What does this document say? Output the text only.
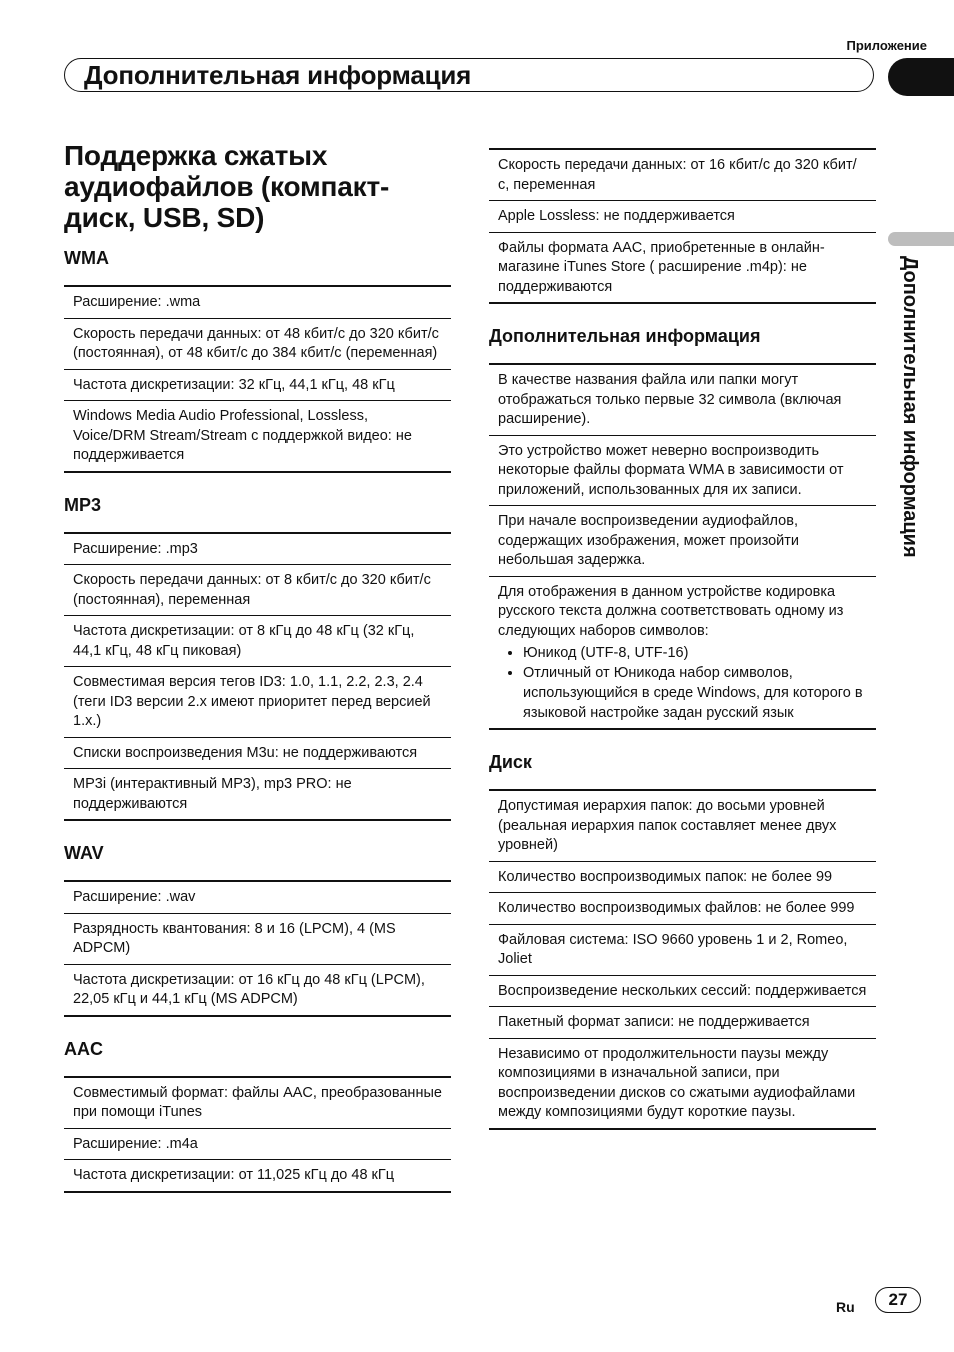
Приложение
Дополнительная информация
Дополнительная информация
Поддержка сжатых аудиофайлов (компакт-диск, USB, SD)
WMA
Расширение: .wma
Скорость передачи данных: от 48 кбит/с до 320 кбит/с (постоянная), от 48 кбит/с до 384 кбит/с (переменная)
Частота дискретизации: 32 кГц, 44,1 кГц, 48 кГц
Windows Media Audio Professional, Lossless, Voice/DRM Stream/Stream с поддержкой видео: не поддерживается
MP3
Расширение: .mp3
Скорость передачи данных: от 8 кбит/с до 320 кбит/с (постоянная), переменная
Частота дискретизации: от 8 кГц до 48 кГц (32 кГц, 44,1 кГц, 48 кГц пиковая)
Совместимая версия тегов ID3: 1.0, 1.1, 2.2, 2.3, 2.4 (теги ID3 версии 2.x имеют приоритет перед версией 1.x.)
Списки воспроизведения M3u: не поддерживаются
MP3i (интерактивный MP3), mp3 PRO: не поддерживаются
WAV
Расширение: .wav
Разрядность квантования: 8 и 16 (LPCM), 4 (MS ADPCM)
Частота дискретизации: от 16 кГц до 48 кГц (LPCM), 22,05 кГц и 44,1 кГц (MS ADPCM)
AAC
Совместимый формат: файлы AAC, преобразованные при помощи iTunes
Расширение: .m4a
Частота дискретизации: от 11,025 кГц до 48 кГц
Скорость передачи данных: от 16 кбит/с до 320 кбит/с, переменная
Apple Lossless: не поддерживается
Файлы формата AAC, приобретенные в онлайн-магазине iTunes Store ( расширение .m4p): не поддерживаются
Дополнительная информация
В качестве названия файла или папки могут отображаться только первые 32 символа (включая расширение).
Это устройство может неверно воспроизводить некоторые файлы формата WMA в зависимости от приложений, использованных для их записи.
При начале воспроизведении аудиофайлов, содержащих изображения, может произойти небольшая задержка.
Для отображения в данном устройстве кодировка русского текста должна соответствовать одному из следующих наборов символов:
• Юникод (UTF-8, UTF-16)
• Отличный от Юникода набор символов, использующийся в среде Windows, для которого в языковой настройке задан русский язык
Диск
Допустимая иерархия папок: до восьми уровней (реальная иерархия папок составляет менее двух уровней)
Количество воспроизводимых папок: не более 99
Количество воспроизводимых файлов: не более 999
Файловая система: ISO 9660 уровень 1 и 2, Romeo, Joliet
Воспроизведение нескольких сессий: поддерживается
Пакетный формат записи: не поддерживается
Независимо от продолжительности паузы между композициями в изначальной записи, при воспроизведении дисков со сжатыми аудиофайлами между композициями будут короткие паузы.
Ru	27
